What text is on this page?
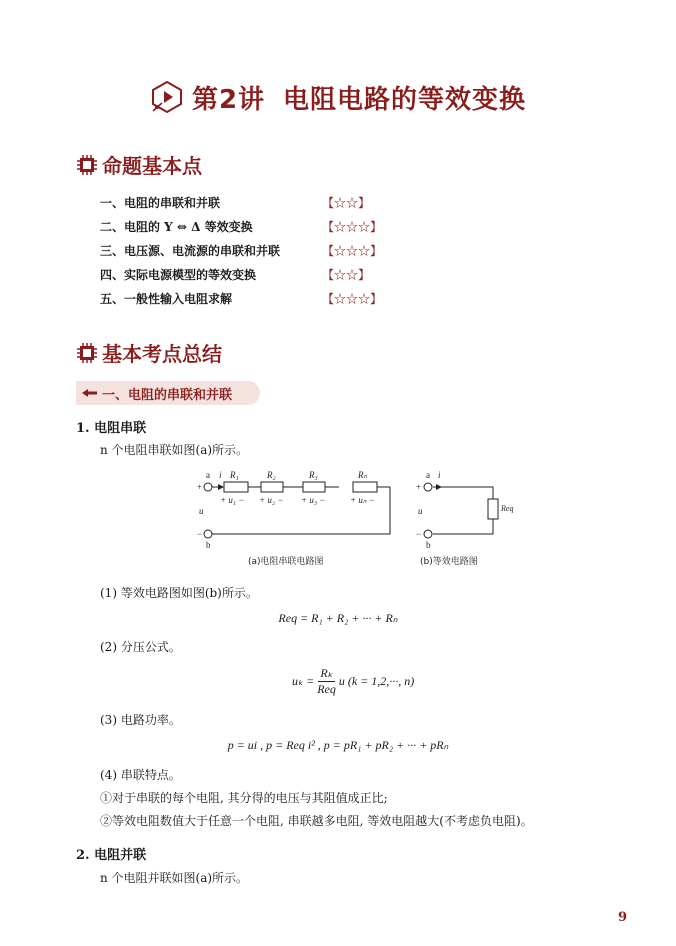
第2讲 电阻电路的等效变换
命题基本点
一、电阻的串联和并联	【☆☆】
二、电阻的 Y ⇔ Δ 等效变换	【☆☆☆】
三、电压源、电流源的串联和并联	【☆☆☆】
四、实际电源模型的等效变换	【☆☆】
五、一般性输入电阻求解	【☆☆☆】
基本考点总结
一、电阻的串联和并联
1. 电阻串联
n 个电阻串联如图(a)所示。
a i
+
u
−
b
R₁	R₂	R₃	Rₙ
+ u₁ − + u₂ − + u₃ −
···
+ uₙ −
a i
+
u
−
b
Req
(a)电阻串联电路图	(b)等效电路图
(1) 等效电路图如图(b)所示。
Req = R₁ + R₂ + ··· + Rₙ
(2) 分压公式。
uₖ =
Rₖ
Req
u (k = 1,2,···, n)
(3) 电路功率。
p = ui , p = Req i² , p = pR₁ + pR₂ + ··· + pRₙ
(4) 串联特点。
①对于串联的每个电阻, 其分得的电压与其阻值成正比;
②等效电阻数值大于任意一个电阻, 串联越多电阻, 等效电阻越大(不考虑负电阻)。
2. 电阻并联
n 个电阻并联如图(a)所示。
9
